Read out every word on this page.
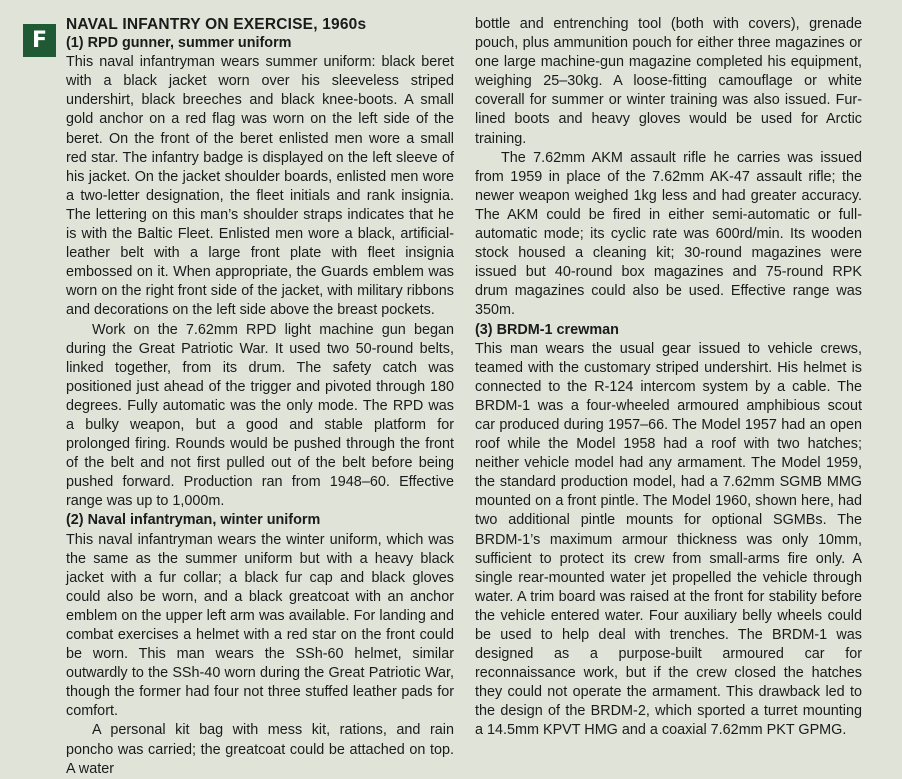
F
NAVAL INFANTRY ON EXERCISE, 1960s
(1) RPD gunner, summer uniform

This naval infantryman wears summer uniform: black beret with a black jacket worn over his sleeveless striped undershirt, black breeches and black knee-boots. A small gold anchor on a red flag was worn on the left side of the beret. On the front of the beret enlisted men wore a small red star. The infantry badge is displayed on the left sleeve of his jacket. On the jacket shoulder boards, enlisted men wore a two-letter designation, the fleet initials and rank insignia. The lettering on this man’s shoulder straps indicates that he is with the Baltic Fleet. Enlisted men wore a black, artificial-leather belt with a large front plate with fleet insignia embossed on it. When appropriate, the Guards emblem was worn on the right front side of the jacket, with military ribbons and decorations on the left side above the breast pockets.

Work on the 7.62mm RPD light machine gun began during the Great Patriotic War. It used two 50-round belts, linked together, from its drum. The safety catch was positioned just ahead of the trigger and pivoted through 180 degrees. Fully automatic was the only mode. The RPD was a bulky weapon, but a good and stable platform for prolonged firing. Rounds would be pushed through the front of the belt and not first pulled out of the belt before being pushed forward. Production ran from 1948–60. Effective range was up to 1,000m.

(2) Naval infantryman, winter uniform

This naval infantryman wears the winter uniform, which was the same as the summer uniform but with a heavy black jacket with a fur collar; a black fur cap and black gloves could also be worn, and a black greatcoat with an anchor emblem on the upper left arm was available. For landing and combat exercises a helmet with a red star on the front could be worn. This man wears the SSh-60 helmet, similar outwardly to the SSh-40 worn during the Great Patriotic War, though the former had four not three stuffed leather pads for comfort.

A personal kit bag with mess kit, rations, and rain poncho was carried; the greatcoat could be attached on top. A water

bottle and entrenching tool (both with covers), grenade pouch, plus ammunition pouch for either three magazines or one large machine-gun magazine completed his equipment, weighing 25–30kg. A loose-fitting camouflage or white coverall for summer or winter training was also issued. Fur-lined boots and heavy gloves would be used for Arctic training.

The 7.62mm AKM assault rifle he carries was issued from 1959 in place of the 7.62mm AK-47 assault rifle; the newer weapon weighed 1kg less and had greater accuracy. The AKM could be fired in either semi-automatic or full-automatic mode; its cyclic rate was 600rd/min. Its wooden stock housed a cleaning kit; 30-round magazines were issued but 40-round box magazines and 75-round RPK drum magazines could also be used. Effective range was 350m.

(3) BRDM-1 crewman

This man wears the usual gear issued to vehicle crews, teamed with the customary striped undershirt. His helmet is connected to the R-124 intercom system by a cable. The BRDM-1 was a four-wheeled armoured amphibious scout car produced during 1957–66. The Model 1957 had an open roof while the Model 1958 had a roof with two hatches; neither vehicle model had any armament. The Model 1959, the standard production model, had a 7.62mm SGMB MMG mounted on a front pintle. The Model 1960, shown here, had two additional pintle mounts for optional SGMBs. The BRDM-1’s maximum armour thickness was only 10mm, sufficient to protect its crew from small-arms fire only. A single rear-mounted water jet propelled the vehicle through water. A trim board was raised at the front for stability before the vehicle entered water. Four auxiliary belly wheels could be used to help deal with trenches. The BRDM-1 was designed as a purpose-built armoured car for reconnaissance work, but if the crew closed the hatches they could not operate the armament. This drawback led to the design of the BRDM-2, which sported a turret mounting a 14.5mm KPVT HMG and a coaxial 7.62mm PKT GPMG.
